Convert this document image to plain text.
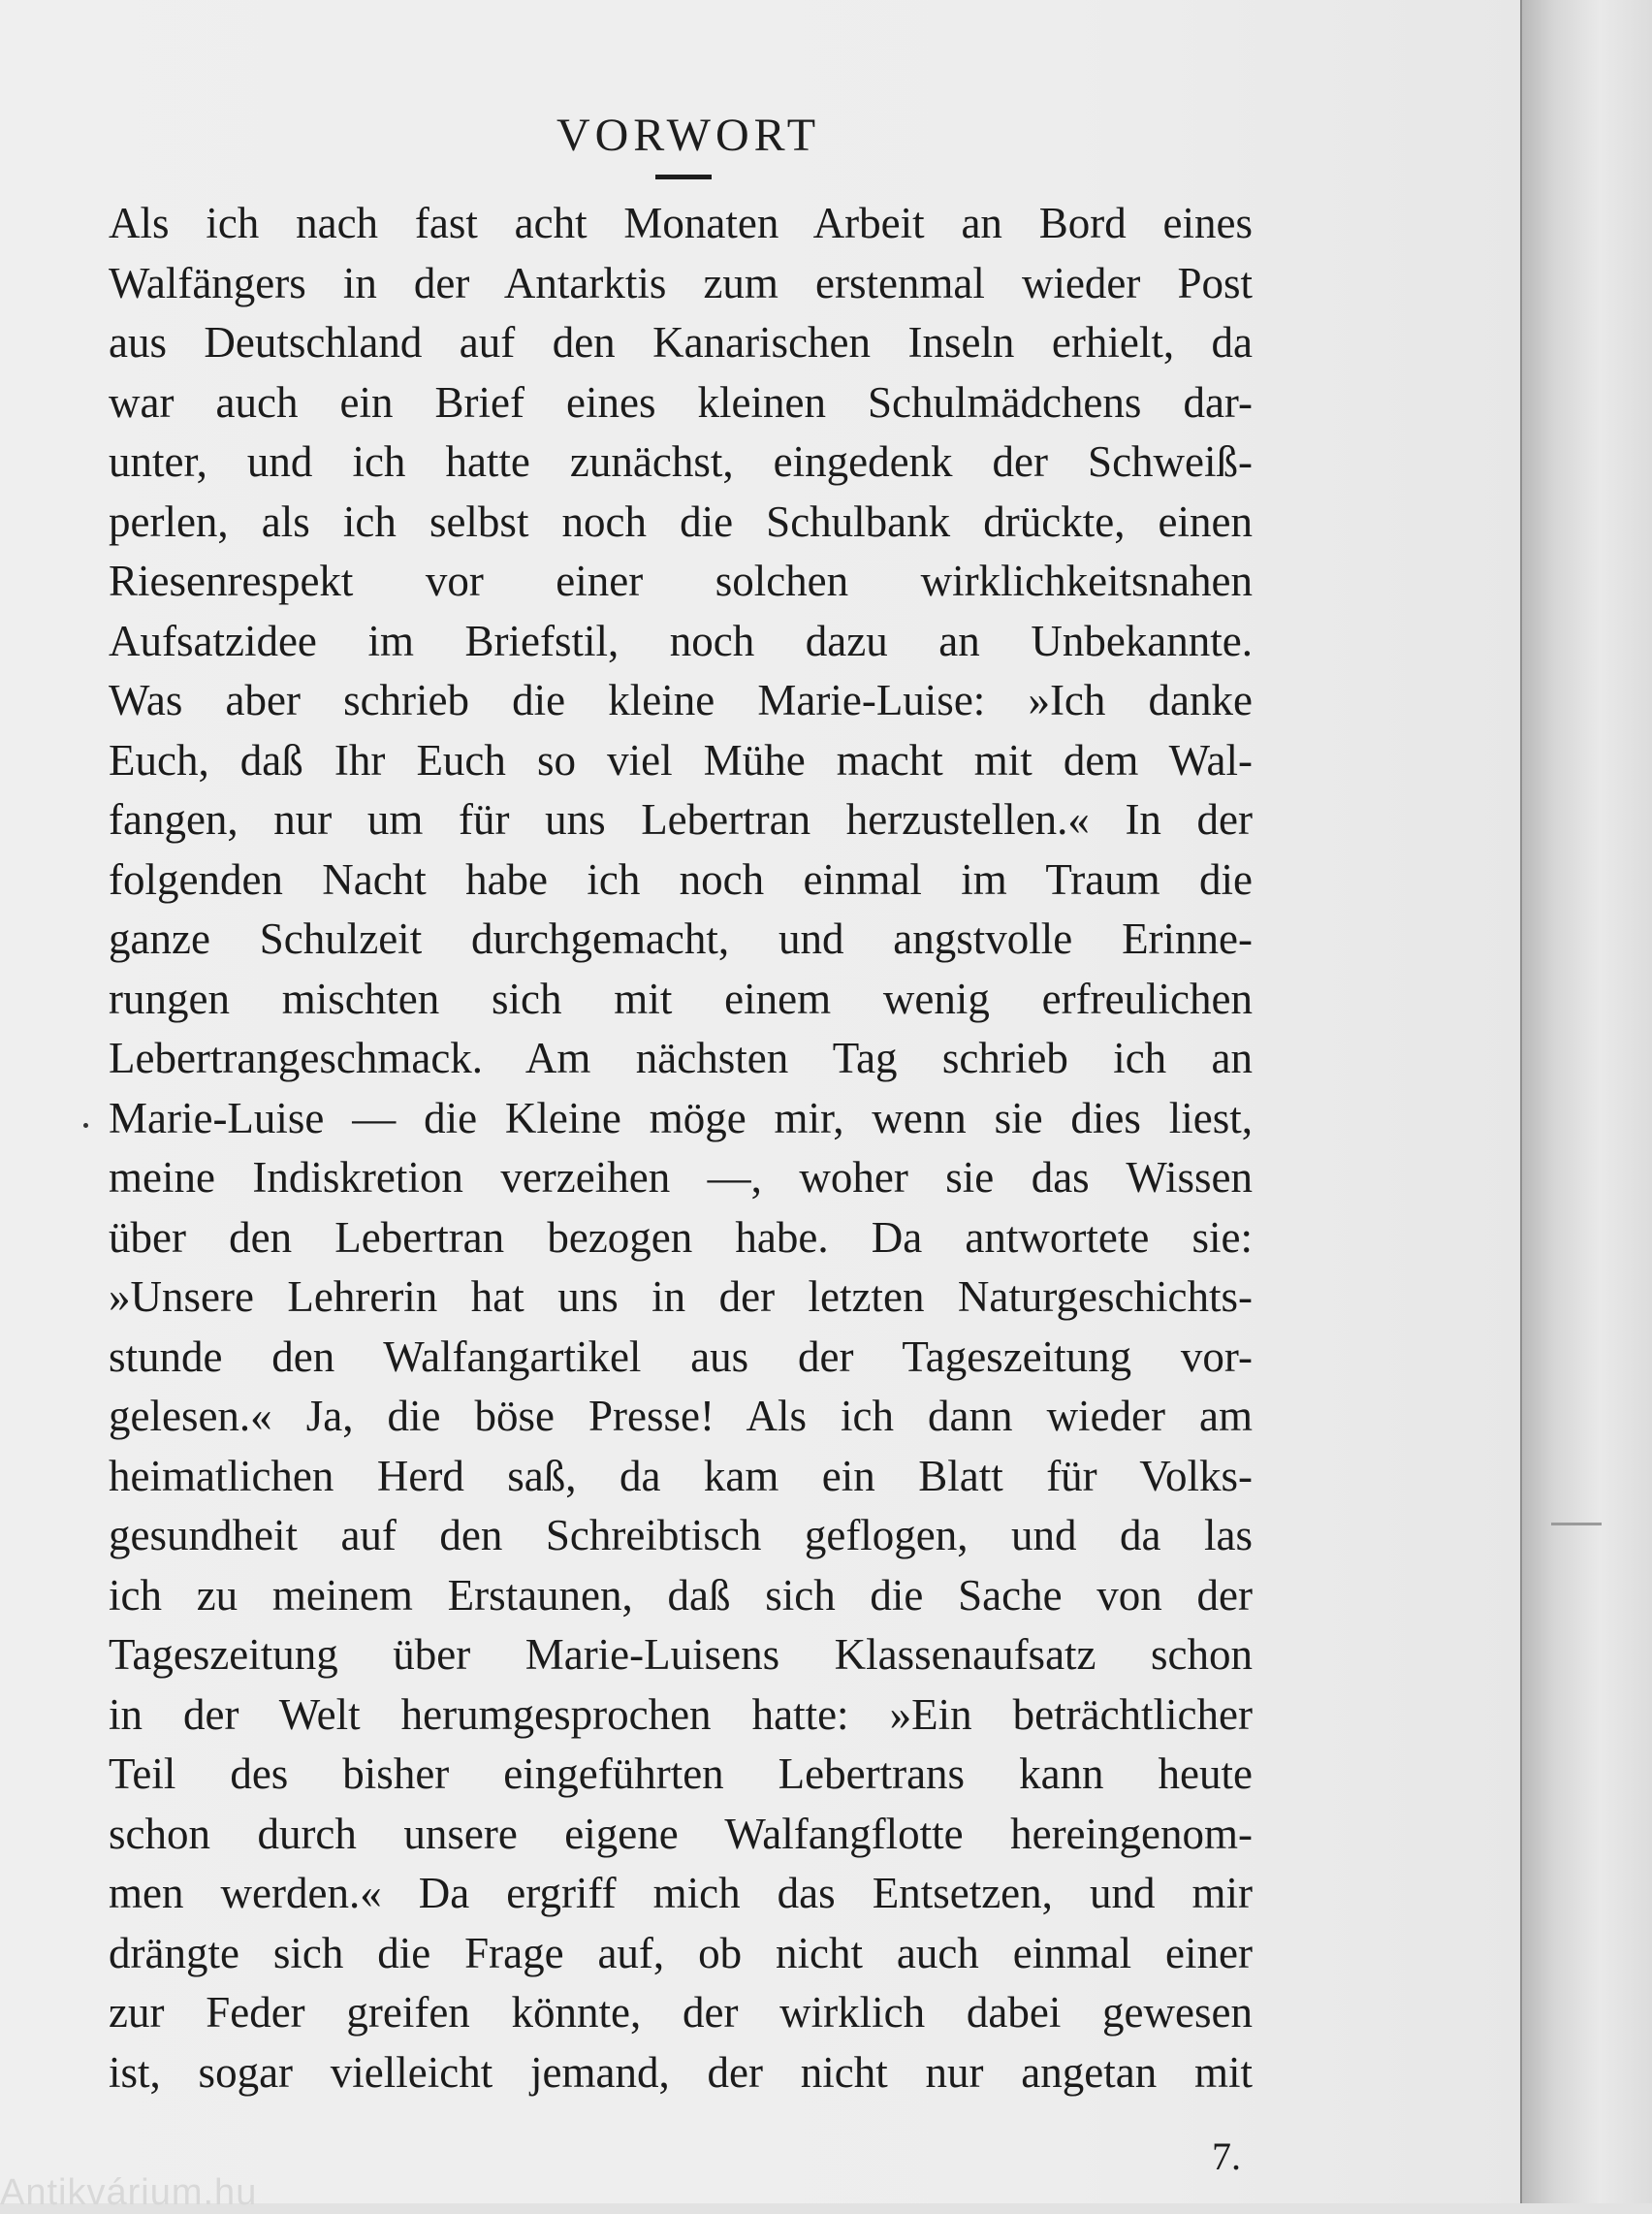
VORWORT
Als ich nach fast acht Monaten Arbeit an Bord eines
Walfängers in der Antarktis zum erstenmal wieder Post
aus Deutschland auf den Kanarischen Inseln erhielt, da
war auch ein Brief eines kleinen Schulmädchens dar-
unter, und ich hatte zunächst, eingedenk der Schweiß-
perlen, als ich selbst noch die Schulbank drückte, einen
Riesenrespekt vor einer solchen wirklichkeitsnahen
Aufsatzidee im Briefstil, noch dazu an Unbekannte.
Was aber schrieb die kleine Marie-Luise: »Ich danke
Euch, daß Ihr Euch so viel Mühe macht mit dem Wal-
fangen, nur um für uns Lebertran herzustellen.« In der
folgenden Nacht habe ich noch einmal im Traum die
ganze Schulzeit durchgemacht, und angstvolle Erinne-
rungen mischten sich mit einem wenig erfreulichen
Lebertrangeschmack. Am nächsten Tag schrieb ich an
Marie-Luise — die Kleine möge mir, wenn sie dies liest,
meine Indiskretion verzeihen —, woher sie das Wissen
über den Lebertran bezogen habe. Da antwortete sie:
»Unsere Lehrerin hat uns in der letzten Naturgeschichts-
stunde den Walfangartikel aus der Tageszeitung vor-
gelesen.« Ja, die böse Presse! Als ich dann wieder am
heimatlichen Herd saß, da kam ein Blatt für Volks-
gesundheit auf den Schreibtisch geflogen, und da las
ich zu meinem Erstaunen, daß sich die Sache von der
Tageszeitung über Marie-Luisens Klassenaufsatz schon
in der Welt herumgesprochen hatte: »Ein beträchtlicher
Teil des bisher eingeführten Lebertrans kann heute
schon durch unsere eigene Walfangflotte hereingenom-
men werden.« Da ergriff mich das Entsetzen, und mir
drängte sich die Frage auf, ob nicht auch einmal einer
zur Feder greifen könnte, der wirklich dabei gewesen
ist, sogar vielleicht jemand, der nicht nur angetan mit
7.
Antikvárium.hu
